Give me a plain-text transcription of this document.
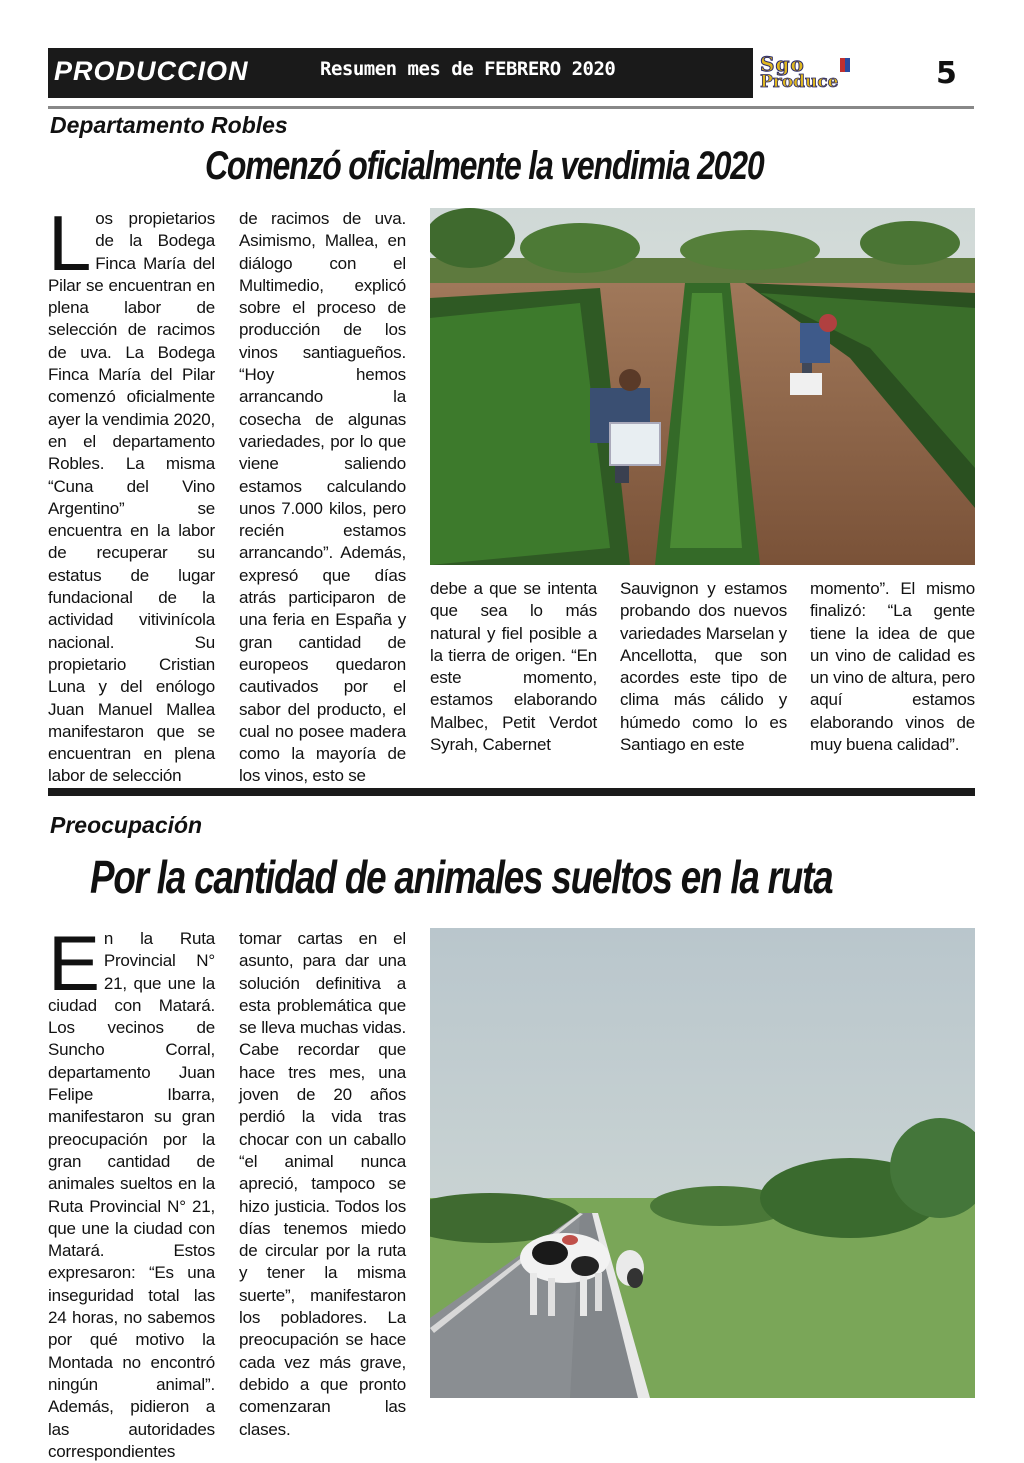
PRODUCCION	Resumen mes de FEBRERO 2020	Sgo
Produce	5
Departamento Robles
Comenzó oficialmente la vendimia 2020
Los propietarios de la Bodega Finca María del Pilar se encuentran en plena labor de selección de racimos de uva. La Bodega Finca María del Pilar comenzó oficialmente ayer la vendimia 2020, en el departamento Robles. La misma “Cuna del Vino Argentino” se encuentra en la labor de recuperar su estatus de lugar fundacional de la actividad vitivinícola nacional. Su propietario Cristian Luna y del enólogo Juan Manuel Mallea manifestaron que se encuentran en plena labor de selección
de racimos de uva. Asimismo, Mallea, en diálogo con el Multimedio, explicó sobre el proceso de producción de los vinos santiagueños. “Hoy hemos arrancando la cosecha de algunas variedades, por lo que viene saliendo estamos calculando unos 7.000 kilos, pero recién estamos arrancando”. Además, expresó que días atrás participaron de una feria en España y gran cantidad de europeos quedaron cautivados por el sabor del producto, el cual no posee madera como la mayoría de los vinos, esto se
debe a que se intenta que sea lo más natural y fiel posible a la tierra de origen. “En este momento, estamos elaborando Malbec, Petit Verdot Syrah, Cabernet
Sauvignon y estamos probando dos nuevos variedades Marselan y Ancellotta, que son acordes este tipo de clima más cálido y húmedo como lo es Santiago en este
momento”. El mismo finalizó: “La gente tiene la idea de que un vino de calidad es un vino de altura, pero aquí estamos elaborando vinos de muy buena calidad”.
Preocupación
Por la cantidad de animales sueltos en la ruta
En la Ruta Provincial N° 21, que une la ciudad con Matará. Los vecinos de Suncho Corral, departamento Juan Felipe Ibarra, manifestaron su gran preocupación por la gran cantidad de animales sueltos en la Ruta Provincial N° 21, que une la ciudad con Matará. Estos expresaron: “Es una inseguridad total las 24 horas, no sabemos por qué motivo la Montada no encontró ningún animal”. Además, pidieron a las autoridades correspondientes
tomar cartas en el asunto, para dar una solución definitiva a esta problemática que se lleva muchas vidas. Cabe recordar que hace tres mes, una joven de 20 años perdió la vida tras chocar con un caballo “el animal nunca apreció, tampoco se hizo justicia. Todos los días tenemos miedo de circular por la ruta y tener la misma suerte”, manifestaron los pobladores. La preocupación se hace cada vez más grave, debido a que pronto comenzaran las clases.
